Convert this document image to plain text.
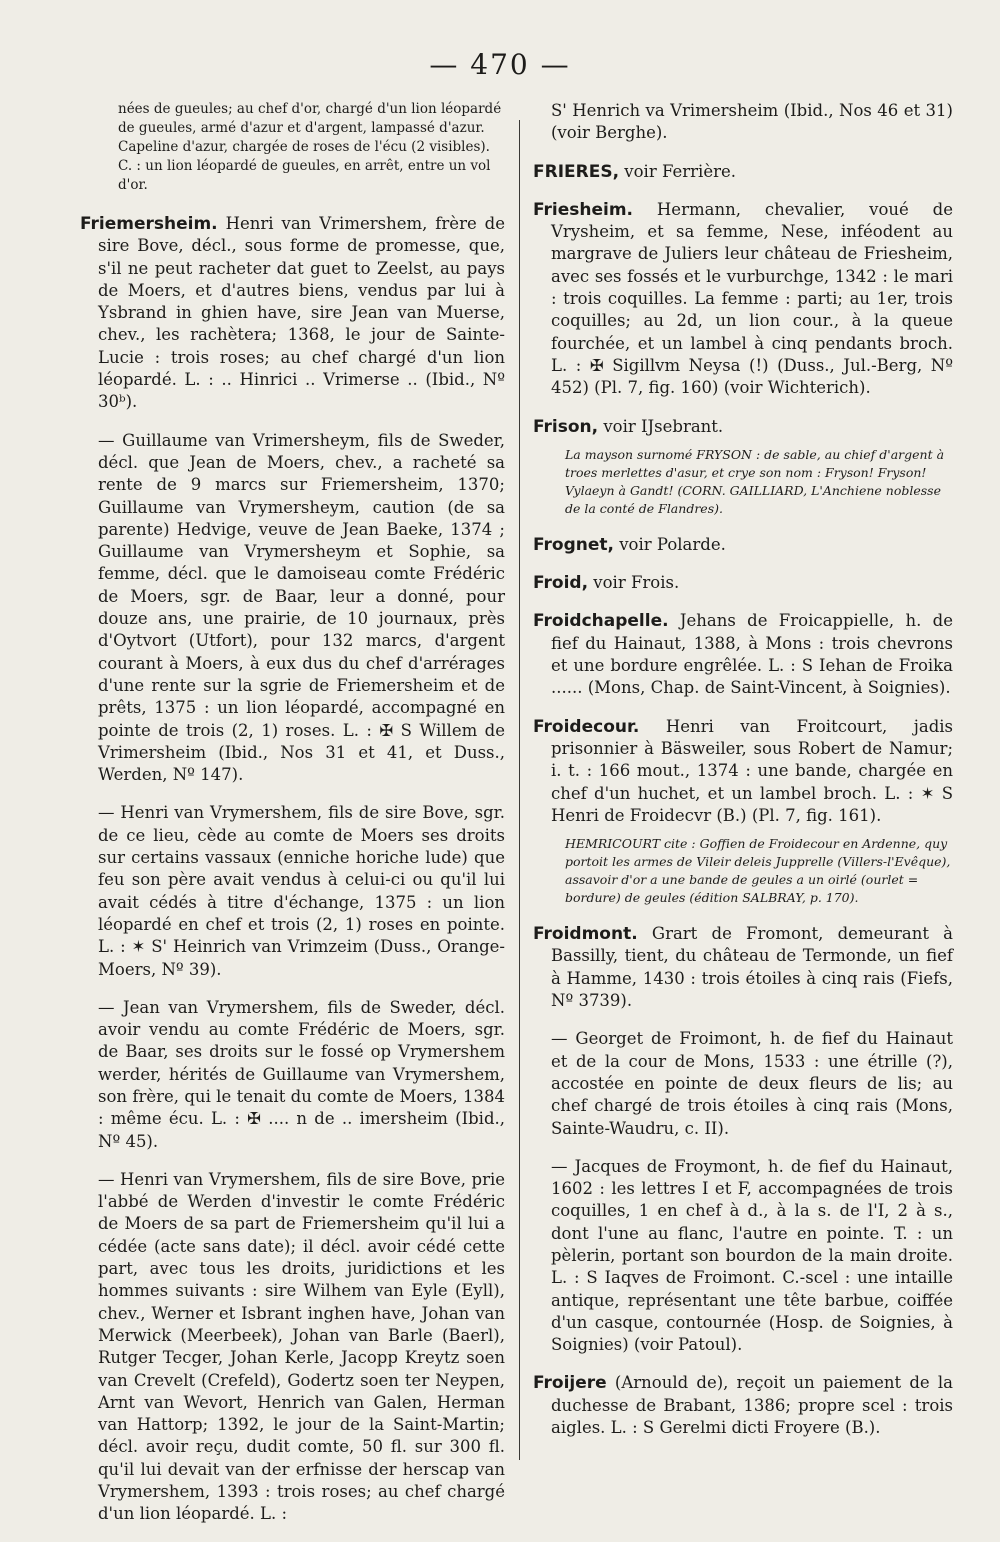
— 470 —

nées de gueules; au chef d'or, chargé d'un lion léopardé de gueules, armé d'azur et d'argent, lampassé d'azur. Capeline d'azur, chargée de roses de l'écu (2 visibles). C. : un lion léopardé de gueules, en arrêt, entre un vol d'or.

Friemersheim. Henri van Vrimershem, frère de sire Bove, décl., sous forme de promesse, que, s'il ne peut racheter dat guet to Zeelst, au pays de Moers, et d'autres biens, vendus par lui à Ysbrand in ghien have, sire Jean van Muerse, chev., les rachètera; 1368, le jour de Sainte-Lucie : trois roses; au chef chargé d'un lion léopardé. L. : .. Hinrici .. Vrimerse .. (Ibid., Nº 30ᵇ).

— Guillaume van Vrimersheym, fils de Sweder, décl. que Jean de Moers, chev., a racheté sa rente de 9 marcs sur Friemersheim, 1370; Guillaume van Vrymersheym, caution (de sa parente) Hedvige, veuve de Jean Baeke, 1374 ; Guillaume van Vrymersheym et Sophie, sa femme, décl. que le damoiseau comte Frédéric de Moers, sgr. de Baar, leur a donné, pour douze ans, une prairie, de 10 journaux, près d'Oytvort (Utfort), pour 132 marcs, d'argent courant à Moers, à eux dus du chef d'arrérages d'une rente sur la sgrie de Friemersheim et de prêts, 1375 : un lion léopardé, accompagné en pointe de trois (2, 1) roses. L. : ✠ S Willem de Vrimersheim (Ibid., Nos 31 et 41, et Duss., Werden, Nº 147).

— Henri van Vrymershem, fils de sire Bove, sgr. de ce lieu, cède au comte de Moers ses droits sur certains vassaux (enniche horiche lude) que feu son père avait vendus à celui-ci ou qu'il lui avait cédés à titre d'échange, 1375 : un lion léopardé en chef et trois (2, 1) roses en pointe. L. : ✶ S' Heinrich van Vrimzeim (Duss., Orange-Moers, Nº 39).

— Jean van Vrymershem, fils de Sweder, décl. avoir vendu au comte Frédéric de Moers, sgr. de Baar, ses droits sur le fossé op Vrymershem werder, hérités de Guillaume van Vrymershem, son frère, qui le tenait du comte de Moers, 1384 : même écu. L. : ✠ .... n de .. imersheim (Ibid., Nº 45).

— Henri van Vrymershem, fils de sire Bove, prie l'abbé de Werden d'investir le comte Frédéric de Moers de sa part de Friemersheim qu'il lui a cédée (acte sans date); il décl. avoir cédé cette part, avec tous les droits, juridictions et les hommes suivants : sire Wilhem van Eyle (Eyll), chev., Werner et Isbrant inghen have, Johan van Merwick (Meerbeek), Johan van Barle (Baerl), Rutger Tecger, Johan Kerle, Jacopp Kreytz soen van Crevelt (Crefeld), Godertz soen ter Neypen, Arnt van Wevort, Henrich van Galen, Herman van Hattorp; 1392, le jour de la Saint-Martin; décl. avoir reçu, dudit comte, 50 fl. sur 300 fl. qu'il lui devait van der erfnisse der herscap van Vrymershem, 1393 : trois roses; au chef chargé d'un lion léopardé. L. :

S' Henrich va Vrimersheim (Ibid., Nos 46 et 31) (voir Berghe).

FRIERES, voir Ferrière.

Friesheim. Hermann, chevalier, voué de Vrysheim, et sa femme, Nese, inféodent au margrave de Juliers leur château de Friesheim, avec ses fossés et le vurburchge, 1342 : le mari : trois coquilles. La femme : parti; au 1er, trois coquilles; au 2d, un lion cour., à la queue fourchée, et un lambel à cinq pendants broch. L. : ✠ Sigillvm Neysa (!) (Duss., Jul.-Berg, Nº 452) (Pl. 7, fig. 160) (voir Wichterich).

Frison, voir IJsebrant.

La mayson surnomé FRYSON : de sable, au chief d'argent à troes merlettes d'asur, et crye son nom : Fryson! Fryson! Vylaeyn à Gandt! (CORN. GAILLIARD, L'Anchiene noblesse de la conté de Flandres).

Frognet, voir Polarde.

Froid, voir Frois.

Froidchapelle. Jehans de Froicappielle, h. de fief du Hainaut, 1388, à Mons : trois chevrons et une bordure engrêlée. L. : S Iehan de Froika ...... (Mons, Chap. de Saint-Vincent, à Soignies).

Froidecour. Henri van Froitcourt, jadis prisonnier à Bäsweiler, sous Robert de Namur; i. t. : 166 mout., 1374 : une bande, chargée en chef d'un huchet, et un lambel broch. L. : ✶ S Henri de Froidecvr (B.) (Pl. 7, fig. 161).

HEMRICOURT cite : Goffien de Froidecour en Ardenne, quy portoit les armes de Vileir deleis Jupprelle (Villers-l'Evêque), assavoir d'or a une bande de geules a un oirlé (ourlet = bordure) de geules (édition SALBRAY, p. 170).

Froidmont. Grart de Fromont, demeurant à Bassilly, tient, du château de Termonde, un fief à Hamme, 1430 : trois étoiles à cinq rais (Fiefs, Nº 3739).

— Georget de Froimont, h. de fief du Hainaut et de la cour de Mons, 1533 : une étrille (?), accostée en pointe de deux fleurs de lis; au chef chargé de trois étoiles à cinq rais (Mons, Sainte-Waudru, c. II).

— Jacques de Froymont, h. de fief du Hainaut, 1602 : les lettres I et F, accompagnées de trois coquilles, 1 en chef à d., à la s. de l'I, 2 à s., dont l'une au flanc, l'autre en pointe. T. : un pèlerin, portant son bourdon de la main droite. L. : S Iaqves de Froimont. C.-scel : une intaille antique, représentant une tête barbue, coiffée d'un casque, contournée (Hosp. de Soignies, à Soignies) (voir Patoul).

Froijere (Arnould de), reçoit un paiement de la duchesse de Brabant, 1386; propre scel : trois aigles. L. : S Gerelmi dicti Froyere (B.).
